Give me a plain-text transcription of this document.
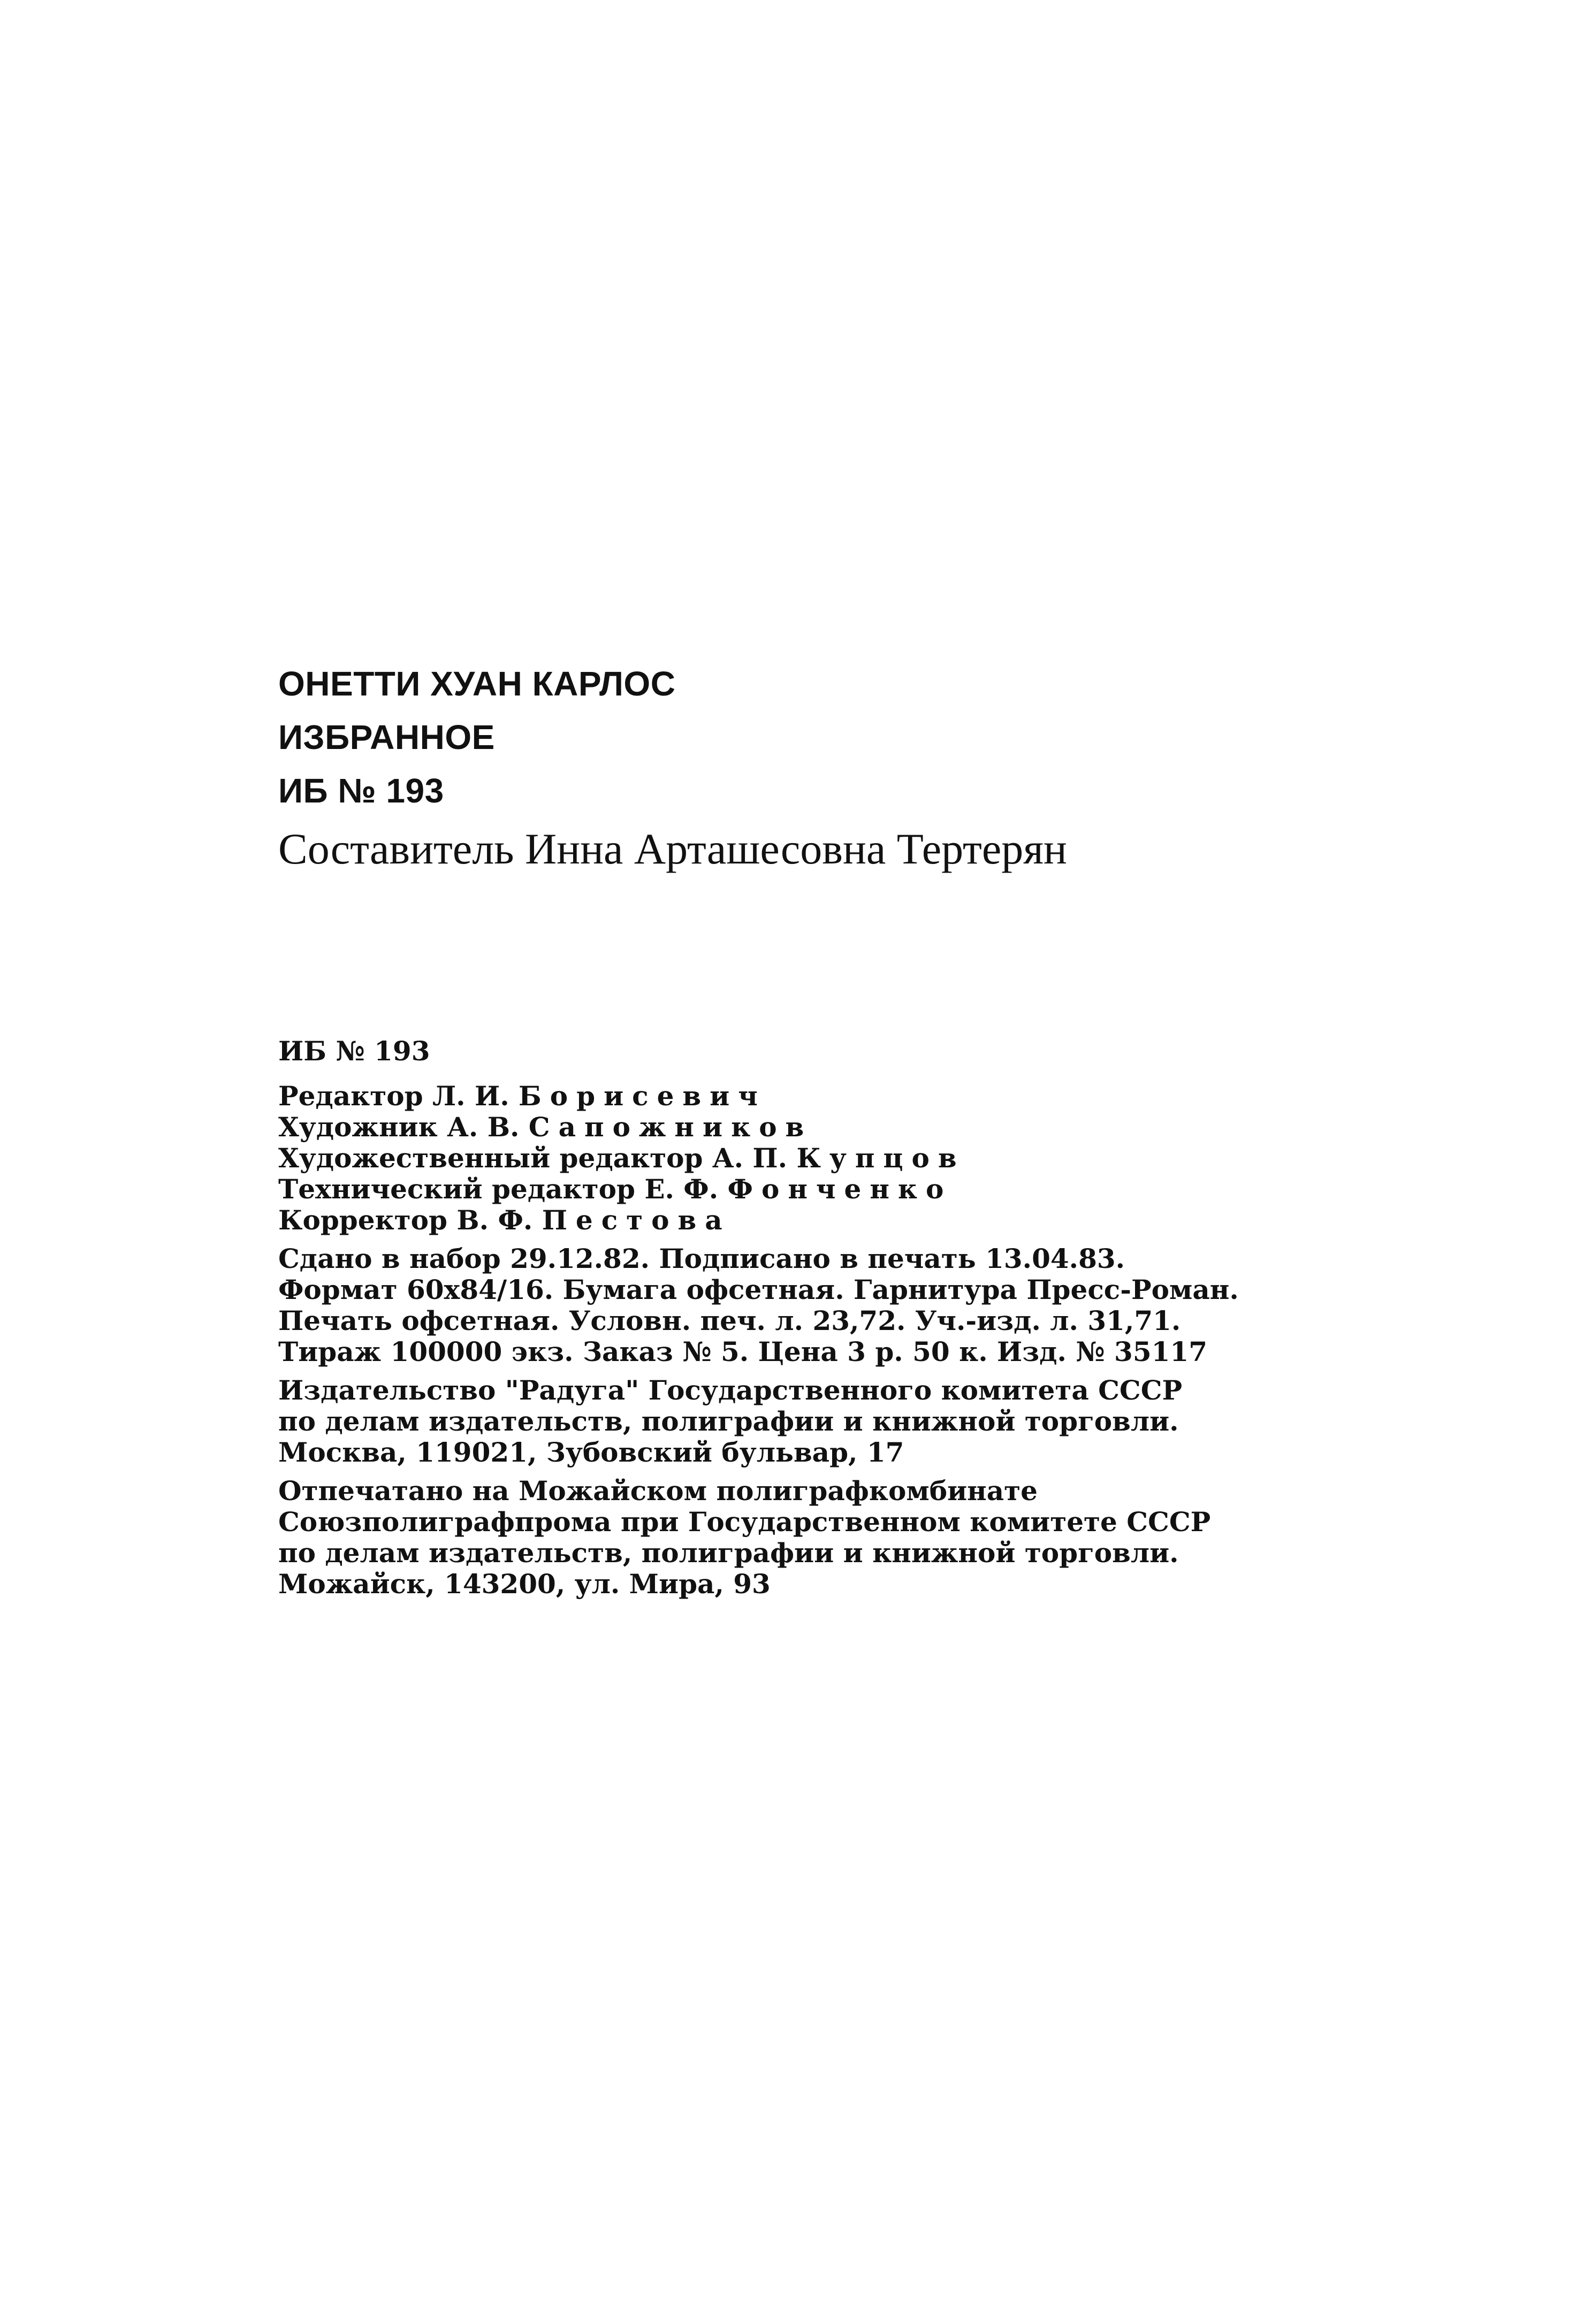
ОНЕТТИ ХУАН КАРЛОС
ИЗБРАННОЕ
ИБ № 193
Составитель Инна Арташесовна Тертерян
ИБ № 193
Редактор Л. И. Борисевич
Художник А. В. Сапожников
Художественный редактор А. П. Купцов
Технический редактор Е. Ф. Фонченко
Корректор В. Ф. Пестова
Сдано в набор 29.12.82. Подписано в печать 13.04.83.
Формат 60х84/16. Бумага офсетная. Гарнитура Пресс-Роман.
Печать офсетная. Условн. печ. л. 23,72. Уч.-изд. л. 31,71.
Тираж 100000 экз. Заказ № 5. Цена 3 р. 50 к. Изд. № 35117
Издательство "Радуга" Государственного комитета СССР
по делам издательств, полиграфии и книжной торговли.
Москва, 119021, Зубовский бульвар, 17
Отпечатано на Можайском полиграфкомбинате
Союзполиграфпрома при Государственном комитете СССР
по делам издательств, полиграфии и книжной торговли.
Можайск, 143200, ул. Мира, 93
